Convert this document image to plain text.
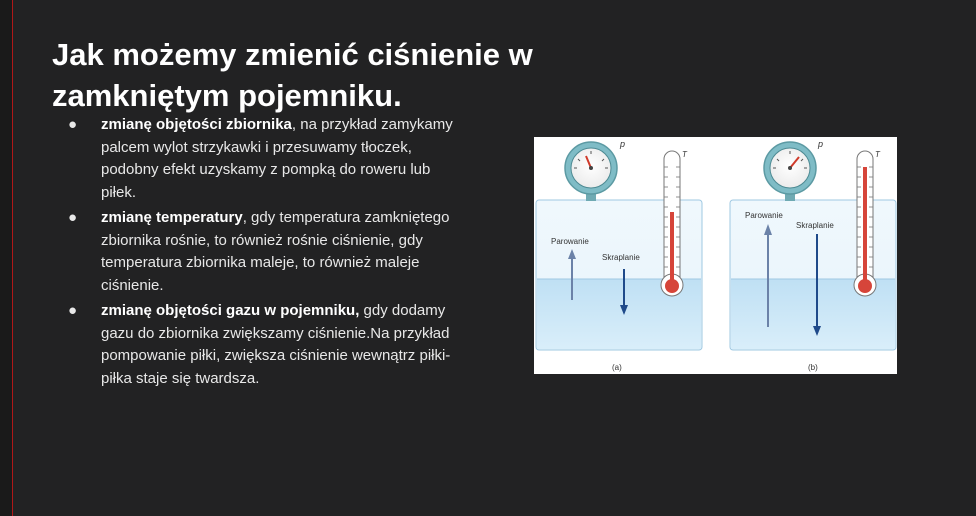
Jak możemy zmienić ciśnienie w zamkniętym pojemniku.
● zmianę objętości zbiornika, na przykład zamykamy palcem wylot strzykawki i przesuwamy tłoczek, podobny efekt uzyskamy z pompką do roweru lub piłek.
● zmianę temperatury, gdy temperatura zamkniętego zbiornika rośnie, to również rośnie ciśnienie, gdy temperatura zbiornika maleje, to również maleje ciśnienie.
● zmianę objętości gazu w pojemniku, gdy dodamy gazu do zbiornika zwiększamy ciśnienie.Na przykład pompowanie piłki, zwiększa ciśnienie wewnątrz piłki- piłka staje się twardsza.
p
T
Parowanie
Skraplanie
(a)
p
T
Parowanie
Skraplanie
(b)
